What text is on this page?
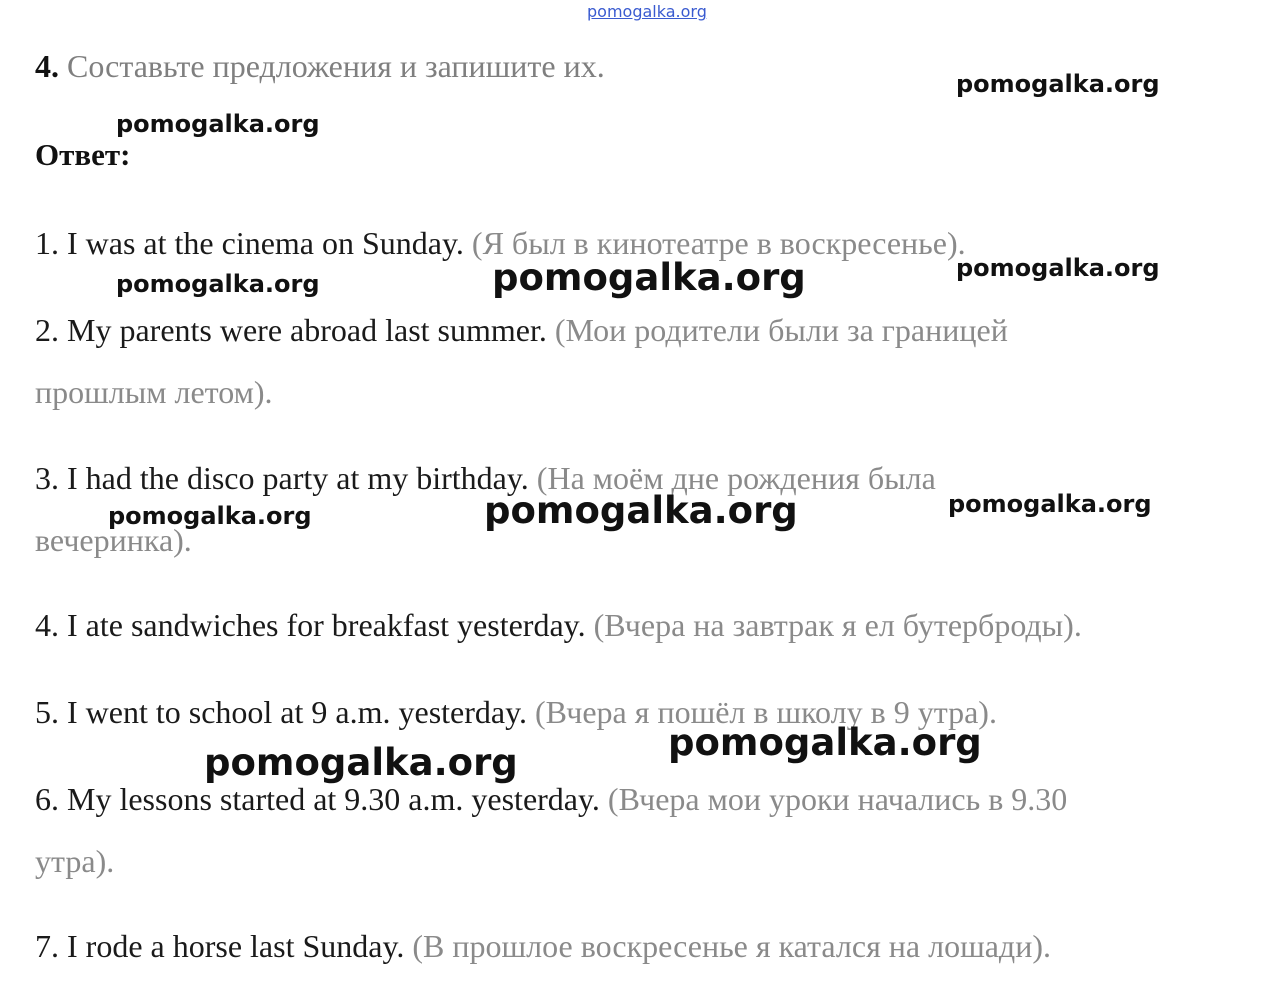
pomogalka.org
4. Составьте предложения и запишите их.
Ответ:
1. I was at the cinema on Sunday. (Я был в кинотеатре в воскресенье).
2. My parents were abroad last summer. (Мои родители были за границей
прошлым летом).
3. I had the disco party at my birthday. (На моём дне рождения была
вечеринка).
4. I ate sandwiches for breakfast yesterday. (Вчера на завтрак я ел бутерброды).
5. I went to school at 9 a.m. yesterday. (Вчера я пошёл в школу в 9 утра).
6. My lessons started at 9.30 a.m. yesterday. (Вчера мои уроки начались в 9.30
утра).
7. I rode a horse last Sunday. (В прошлое воскресенье я катался на лошади).
pomogalka.org
pomogalka.org
pomogalka.org	pomogalka.org	pomogalka.org
pomogalka.org	pomogalka.org	pomogalka.org
pomogalka.org
pomogalka.org
